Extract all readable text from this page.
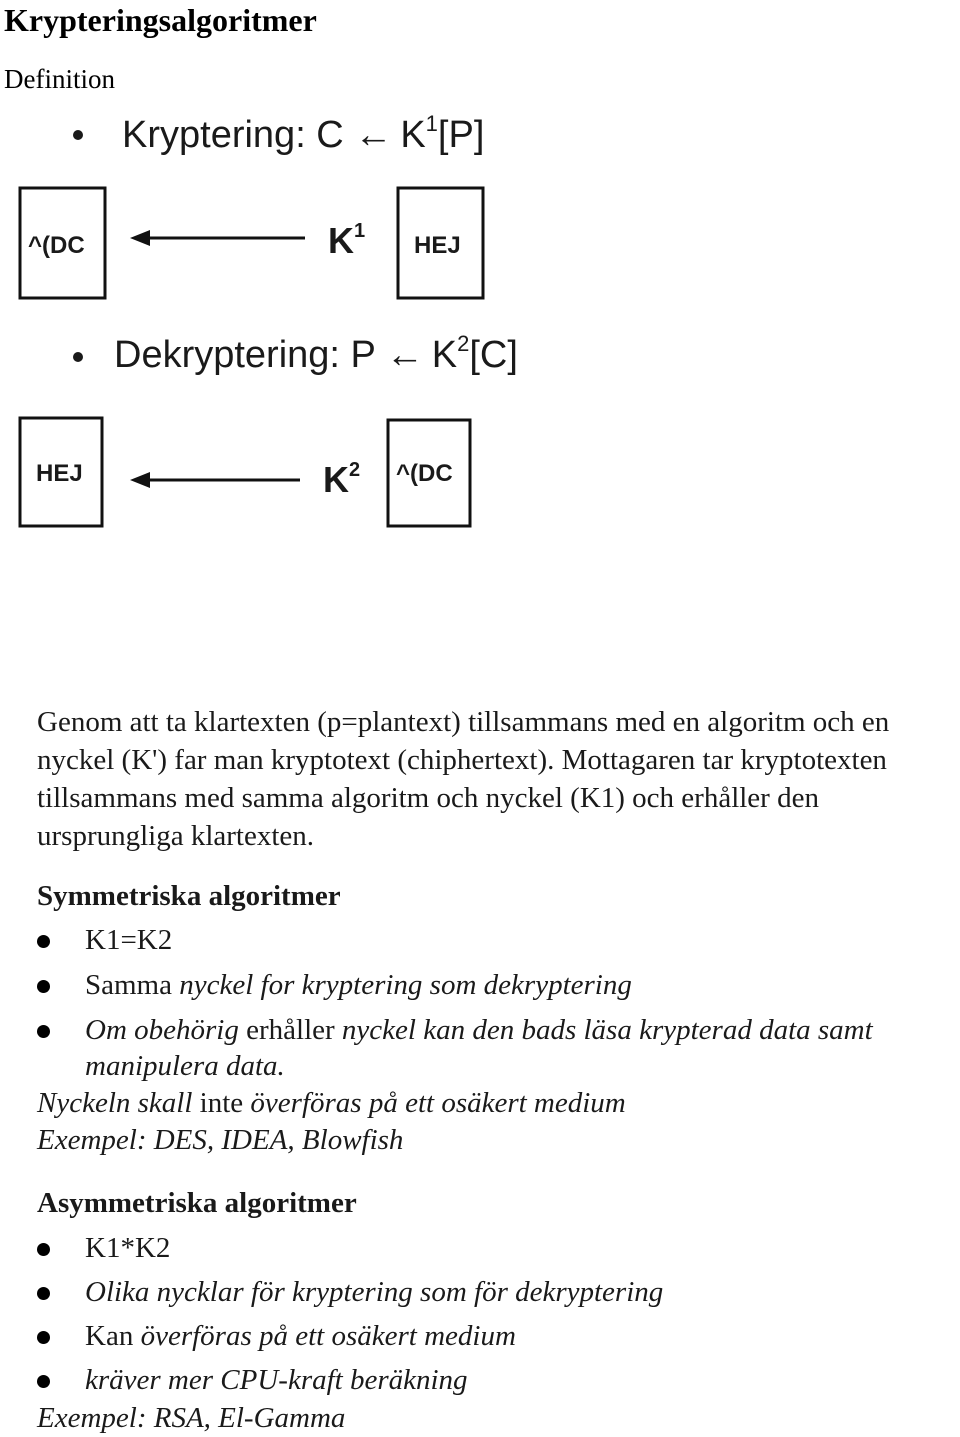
Krypteringsalgoritmer
Definition
Kryptering: C ← $K^1[P]$
^(DC	$K^1$
HEJ
Dekryptering: P ← $K^2[C]$
HEJ	$K^2$ ^(DC
Genom att ta klartexten (p=plantext) tillsammans med en algoritm och en
nyckel (K') far man kryptotext (chiphertext). Mottagaren tar kryptotexten
tillsammans med samma algoritm och nyckel (K1) och erhåller den
ursprungliga klartexten.
Symmetriska algoritmer
K1=K2
Samma nyckel for kryptering som dekryptering
Om obehörig erhåller nyckel kan den bads läsa krypterad data samt
manipulera data.
Nyckeln skall inte överföras på ett osäkert medium
Exempel: DES, IDEA, Blowfish
Asymmetriska algoritmer
K1*K2
Olika nycklar för kryptering som för dekryptering
Kan överföras på ett osäkert medium
kräver mer CPU-kraft beräkning
Exempel: RSA, El-Gamma
